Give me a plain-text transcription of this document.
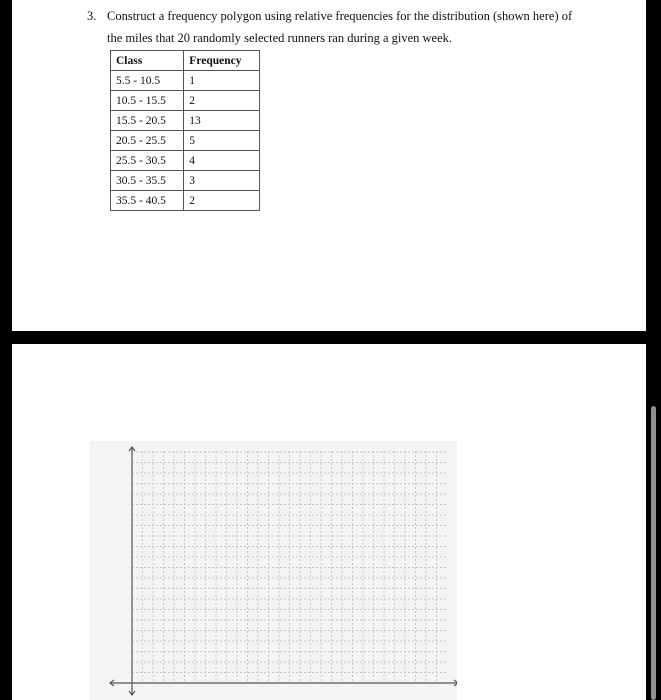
3. Construct a frequency polygon using relative frequencies for the distribution (shown here) of
the miles that 20 randomly selected runners ran during a given week.
Class	Frequency
5.5 - 10.5	1
10.5 - 15.5	2
15.5 - 20.5	13
20.5 - 25.5	5
25.5 - 30.5	4
30.5 - 35.5	3
35.5 - 40.5	2
